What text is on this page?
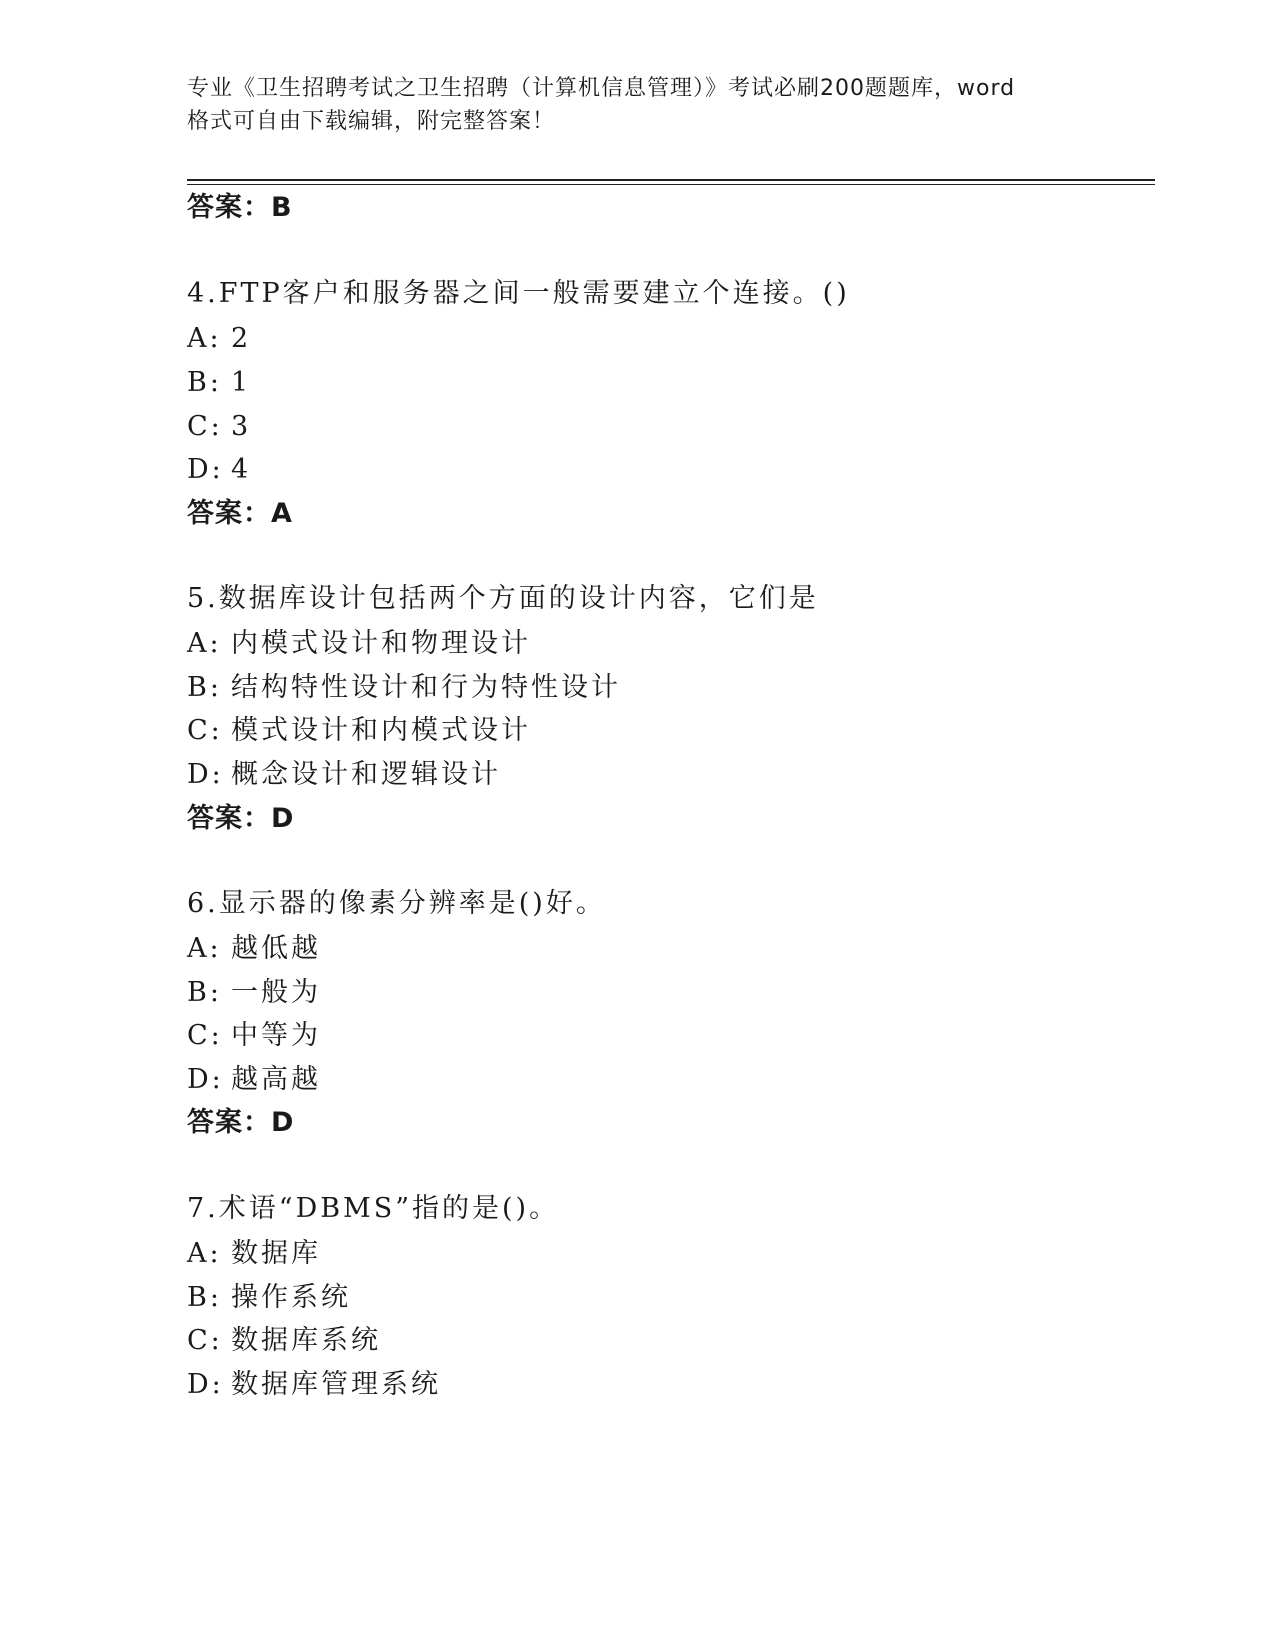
专业《卫生招聘考试之卫生招聘（计算机信息管理）》考试必刷200题题库，word
格式可自由下载编辑，附完整答案！
答案：B
4.FTP客户和服务器之间一般需要建立个连接。()
A: 2
B: 1
C: 3
D: 4
答案：A
5.数据库设计包括两个方面的设计内容，它们是
A: 内模式设计和物理设计
B: 结构特性设计和行为特性设计
C: 模式设计和内模式设计
D: 概念设计和逻辑设计
答案：D
6.显示器的像素分辨率是()好。
A: 越低越
B: 一般为
C: 中等为
D: 越高越
答案：D
7.术语“DBMS”指的是()。
A: 数据库
B: 操作系统
C: 数据库系统
D: 数据库管理系统
